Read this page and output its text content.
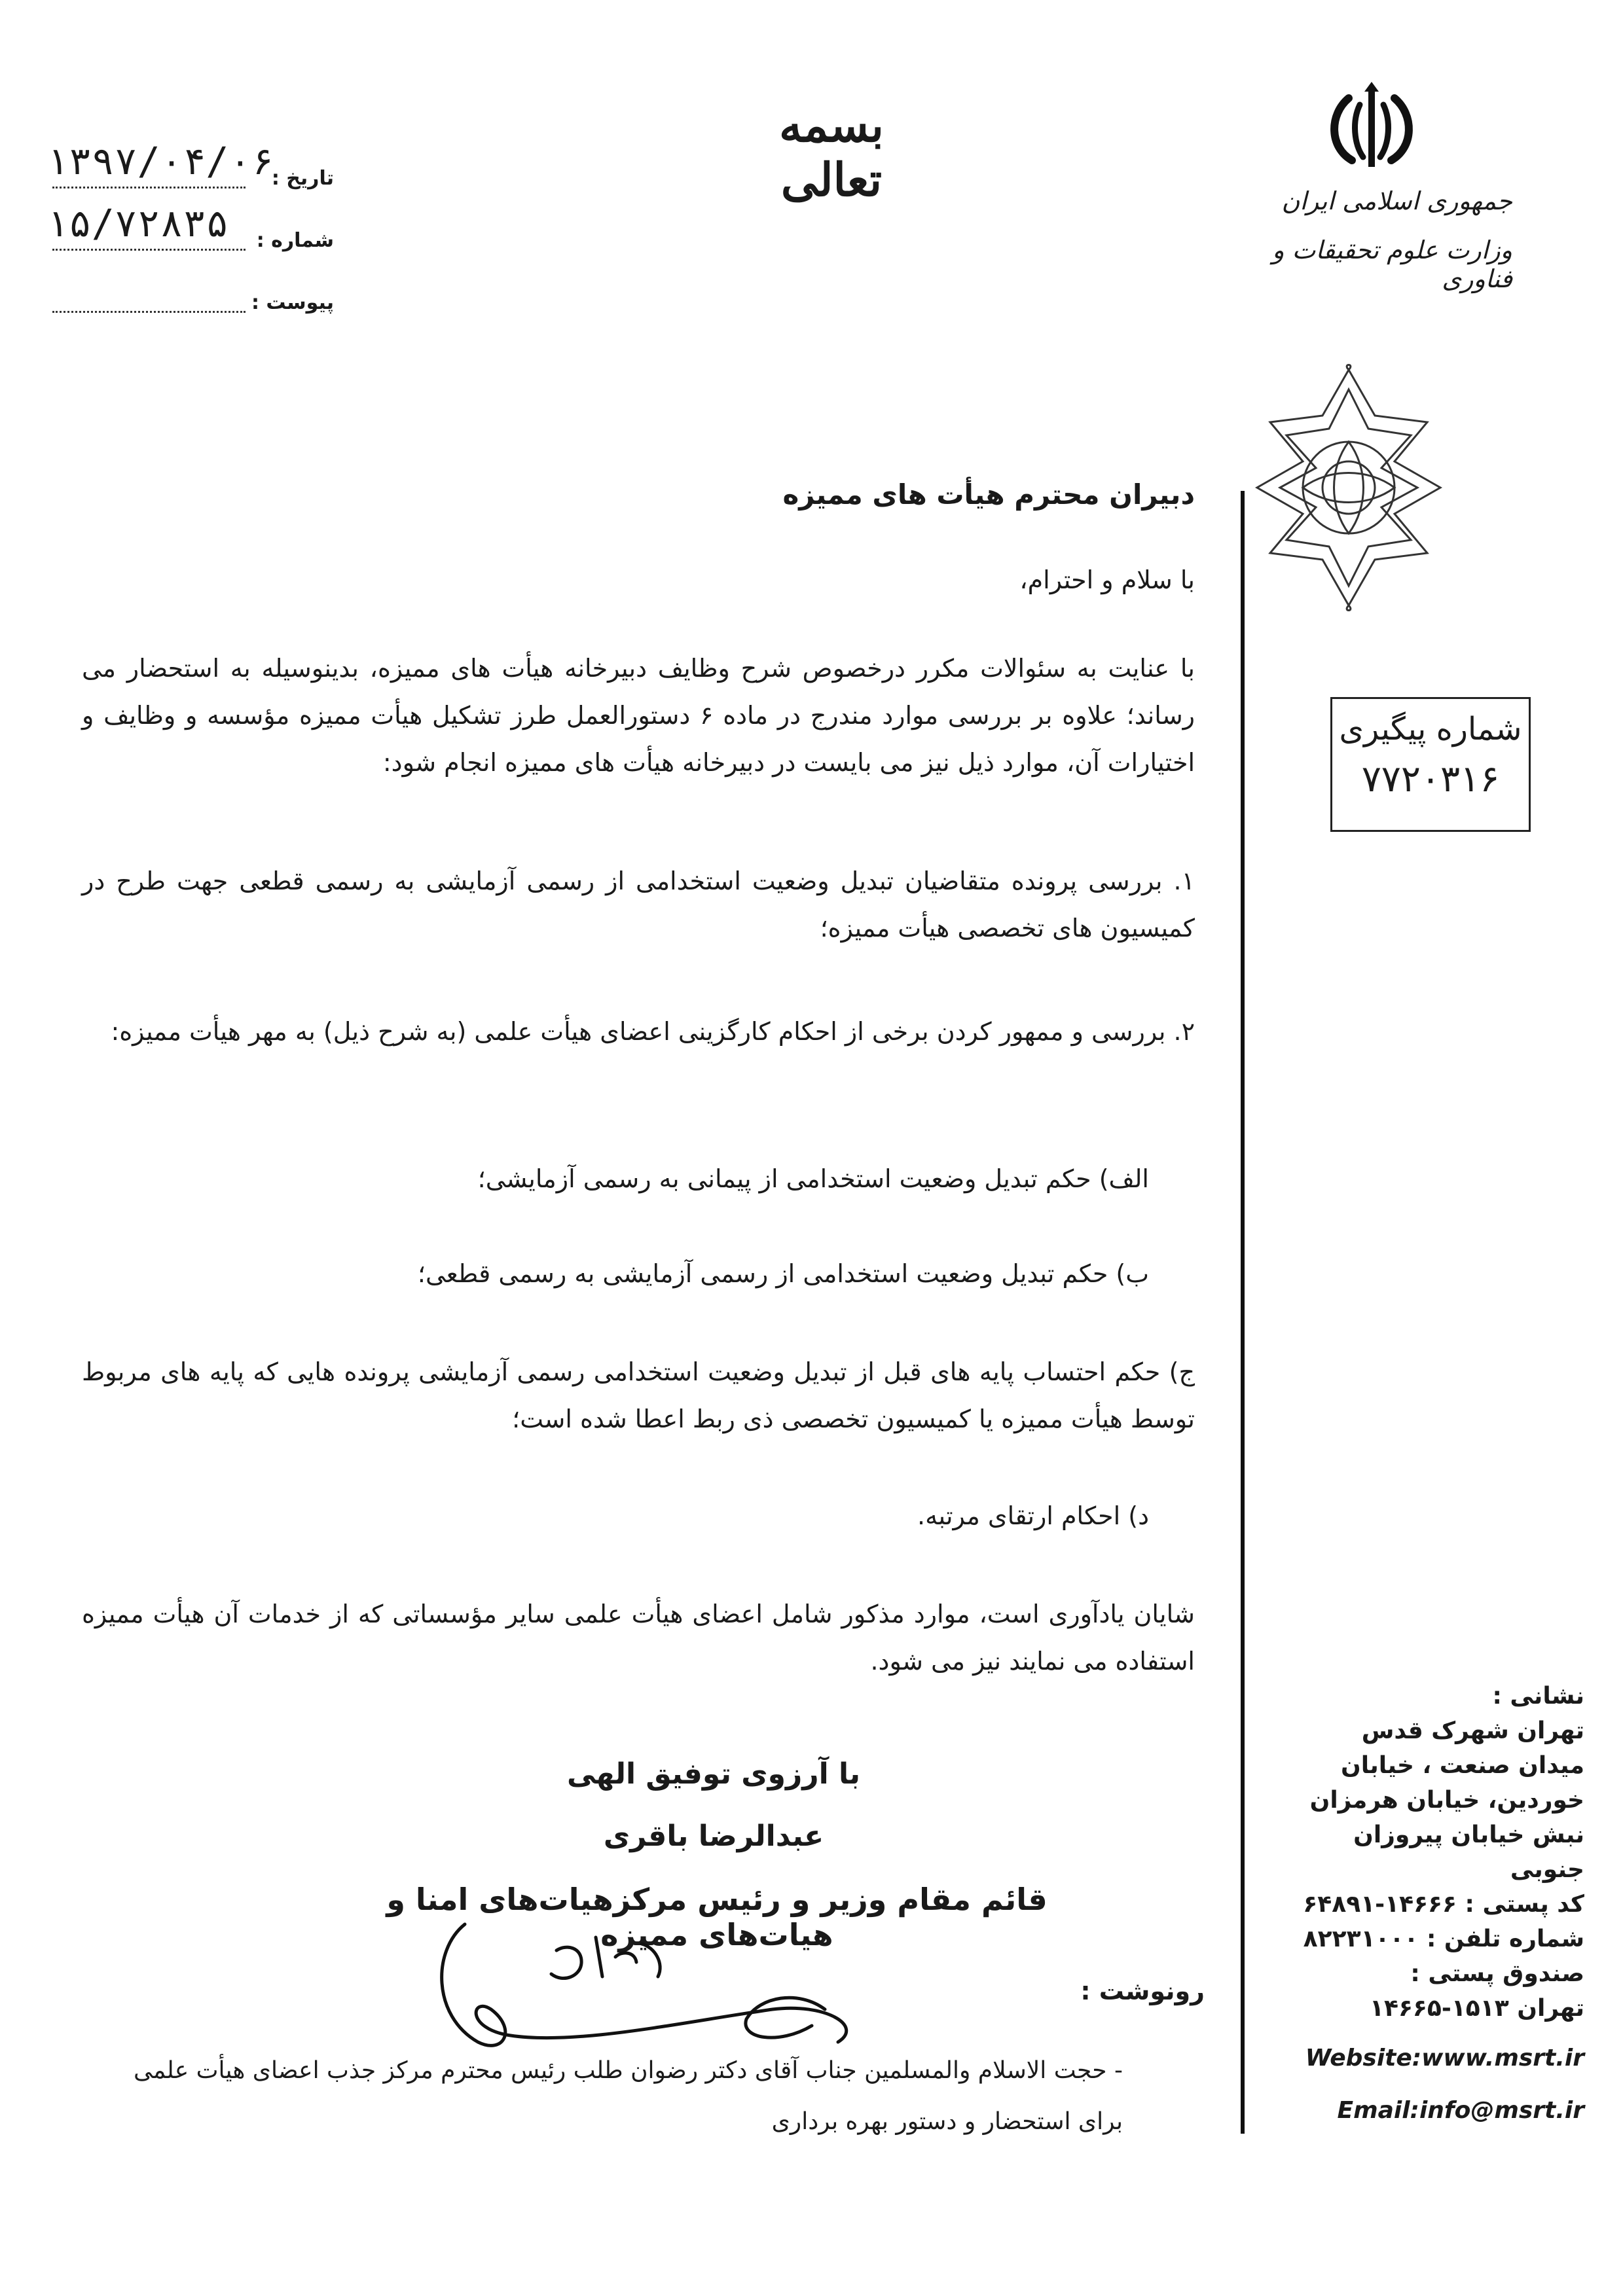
بسمه تعالی
تاریخ :
۱۳۹۷/۰۴/۰۶
شماره :
۱۵/۷۲۸۳۵
پیوست :
جمهوری اسلامی ایران
وزارت علوم تحقیقات و فناوری
شماره پیگیری
۷۷۲۰۳۱۶
دبیران محترم هیأت های ممیزه
با سلام و احترام،
با عنایت به سئوالات مکرر درخصوص شرح وظایف دبیرخانه هیأت های ممیزه، بدینوسیله به استحضار می رساند؛ علاوه بر بررسی موارد مندرج در ماده ۶ دستورالعمل طرز تشکیل هیأت ممیزه مؤسسه و وظایف و اختیارات آن، موارد ذیل نیز می بایست در دبیرخانه هیأت های ممیزه انجام شود:
۱. بررسی پرونده متقاضیان تبدیل وضعیت استخدامی از رسمی آزمایشی به رسمی قطعی جهت طرح در کمیسیون های تخصصی هیأت ممیزه؛
۲. بررسی و ممهور کردن برخی از احکام کارگزینی اعضای هیأت علمی (به شرح ذیل) به مهر هیأت ممیزه:
الف) حکم تبدیل وضعیت استخدامی از پیمانی به رسمی آزمایشی؛
ب) حکم تبدیل وضعیت استخدامی از رسمی آزمایشی به رسمی قطعی؛
ج) حکم احتساب پایه های قبل از تبدیل وضعیت استخدامی رسمی آزمایشی پرونده هایی که پایه های مربوط توسط هیأت ممیزه یا کمیسیون تخصصی ذی ربط اعطا شده است؛
د) احکام ارتقای مرتبه.
شایان یادآوری است، موارد مذکور شامل اعضای هیأت علمی سایر مؤسساتی که از خدمات آن هیأت ممیزه استفاده می نمایند نیز می شود.
با آرزوی توفیق الهی
عبدالرضا باقری
قائم مقام وزیر و رئیس مرکزهیات‌های امنا و هیات‌های ممیزه
رونوشت :
- حجت الاسلام والمسلمین جناب آقای دکتر رضوان طلب رئیس محترم مرکز جذب اعضای هیأت علمی برای استحضار و دستور بهره برداری
نشانی :
تهران شهرک قدس
میدان صنعت ، خیابان
خوردین، خیابان هرمزان
نبش خیابان پیروزان جنوبی
کد پستی : ۱۴۶۶۶-۶۴۸۹۱
شماره تلفن : ۸۲۲۳۱۰۰۰
صندوق پستی :
تهران ۱۵۱۳-۱۴۶۶۵
Website:www.msrt.ir
Email:info@msrt.ir
